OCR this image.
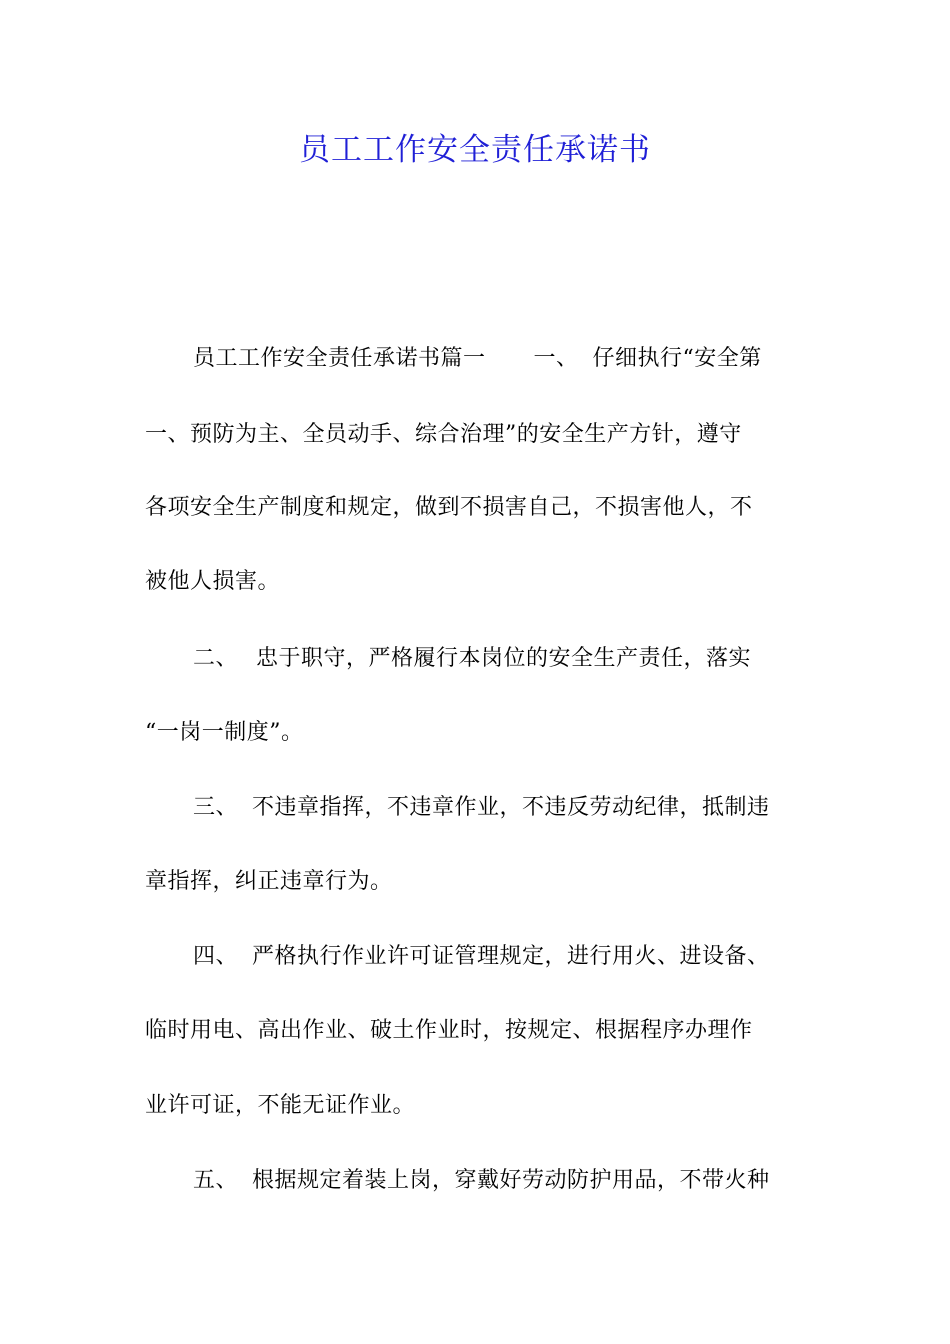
员工工作安全责任承诺书
员工工作安全责任承诺书篇一 一、 仔细执行“安全第
一、预防为主、全员动手、综合治理”的安全生产方针，遵守
各项安全生产制度和规定，做到不损害自己，不损害他人，不
被他人损害。
二、 忠于职守，严格履行本岗位的安全生产责任，落实
“一岗一制度”。
三、 不违章指挥，不违章作业，不违反劳动纪律，抵制违
章指挥，纠正违章行为。
四、 严格执行作业许可证管理规定，进行用火、进设备、
临时用电、高出作业、破土作业时，按规定、根据程序办理作
业许可证，不能无证作业。
五、 根据规定着装上岗，穿戴好劳动防护用品，不带火种
